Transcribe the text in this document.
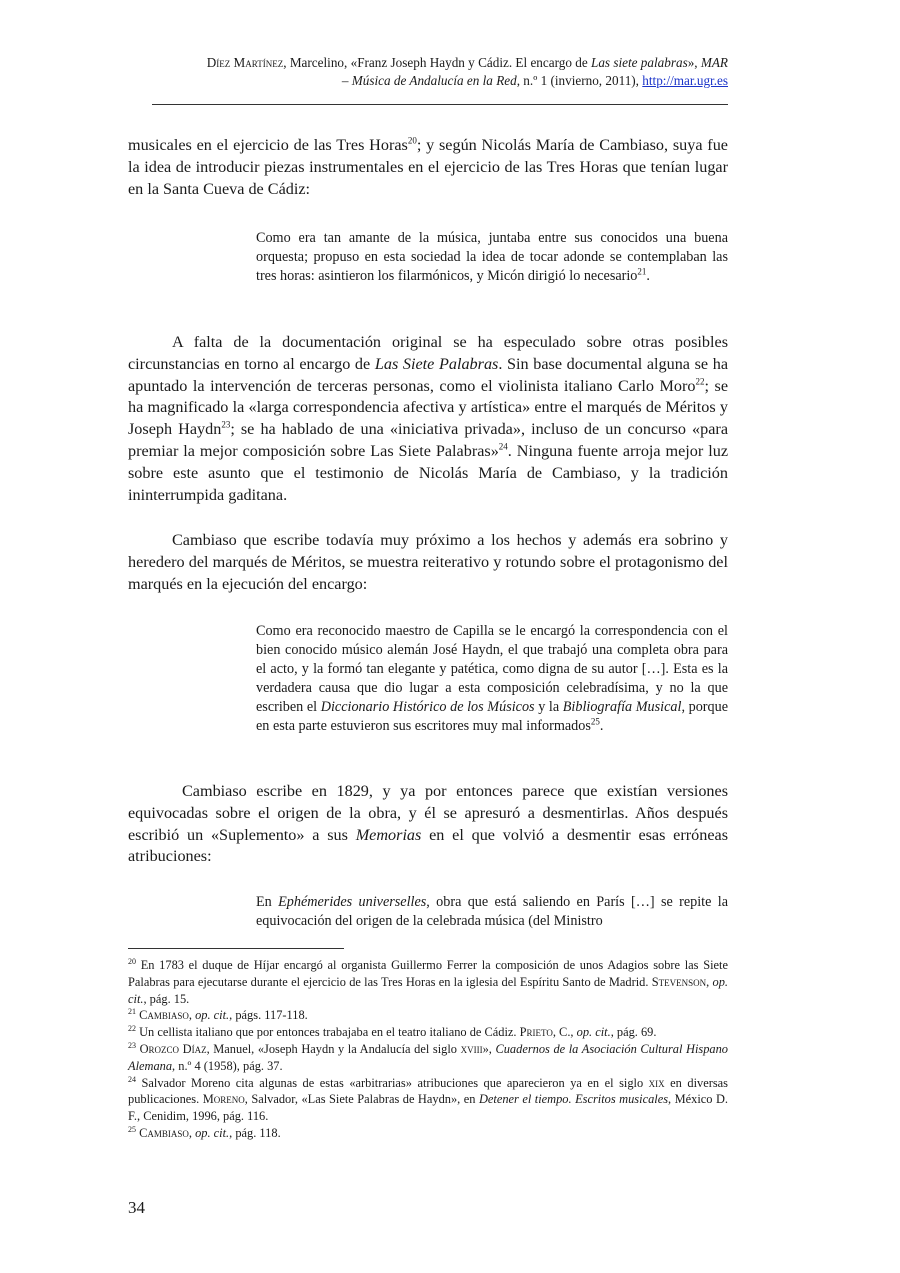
Díez Martínez, Marcelino, «Franz Joseph Haydn y Cádiz. El encargo de Las siete palabras», MAR
– Música de Andalucía en la Red, n.º 1 (invierno, 2011), http://mar.ugr.es

musicales en el ejercicio de las Tres Horas$^{20}$; y según Nicolás María de Cambiaso, suya fue la idea de introducir piezas instrumentales en el ejercicio de las Tres Horas que tenían lugar en la Santa Cueva de Cádiz:

Como era tan amante de la música, juntaba entre sus conocidos una buena orquesta; propuso en esta sociedad la idea de tocar adonde se contemplaban las tres horas: asintieron los filarmónicos, y Micón dirigió lo necesario$^{21}$.

A falta de la documentación original se ha especulado sobre otras posibles circunstancias en torno al encargo de Las Siete Palabras. Sin base documental alguna se ha apuntado la intervención de terceras personas, como el violinista italiano Carlo Moro$^{22}$; se ha magnificado la «larga correspondencia afectiva y artística» entre el marqués de Méritos y Joseph Haydn$^{23}$; se ha hablado de una «iniciativa privada», incluso de un concurso «para premiar la mejor composición sobre Las Siete Palabras»$^{24}$. Ninguna fuente arroja mejor luz sobre este asunto que el testimonio de Nicolás María de Cambiaso, y la tradición ininterrumpida gaditana.

Cambiaso que escribe todavía muy próximo a los hechos y además era sobrino y heredero del marqués de Méritos, se muestra reiterativo y rotundo sobre el protagonismo del marqués en la ejecución del encargo:

Como era reconocido maestro de Capilla se le encargó la correspondencia con el bien conocido músico alemán José Haydn, el que trabajó una completa obra para el acto, y la formó tan elegante y patética, como digna de su autor […]. Esta es la verdadera causa que dio lugar a esta composición celebradísima, y no la que escriben el Diccionario Histórico de los Músicos y la Bibliografía Musical, porque en esta parte estuvieron sus escritores muy mal informados$^{25}$.

Cambiaso escribe en 1829, y ya por entonces parece que existían versiones equivocadas sobre el origen de la obra, y él se apresuró a desmentirlas. Años después escribió un «Suplemento» a sus Memorias en el que volvió a desmentir esas erróneas atribuciones:

En Ephémerides universelles, obra que está saliendo en París […] se repite la equivocación del origen de la celebrada música (del Ministro

$^{20}$ En 1783 el duque de Híjar encargó al organista Guillermo Ferrer la composición de unos Adagios sobre las Siete Palabras para ejecutarse durante el ejercicio de las Tres Horas en la iglesia del Espíritu Santo de Madrid. Stevenson, op. cit., pág. 15.

$^{21}$ Cambiaso, op. cit., págs. 117-118.

$^{22}$ Un cellista italiano que por entonces trabajaba en el teatro italiano de Cádiz. Prieto, C., op. cit., pág. 69.

$^{23}$ Orozco Díaz, Manuel, «Joseph Haydn y la Andalucía del siglo xviii», Cuadernos de la Asociación Cultural Hispano Alemana, n.º 4 (1958), pág. 37.

$^{24}$ Salvador Moreno cita algunas de estas «arbitrarias» atribuciones que aparecieron ya en el siglo xix en diversas publicaciones. Moreno, Salvador, «Las Siete Palabras de Haydn», en Detener el tiempo. Escritos musicales, México D. F., Cenidim, 1996, pág. 116.

$^{25}$ Cambiaso, op. cit., pág. 118.

34
